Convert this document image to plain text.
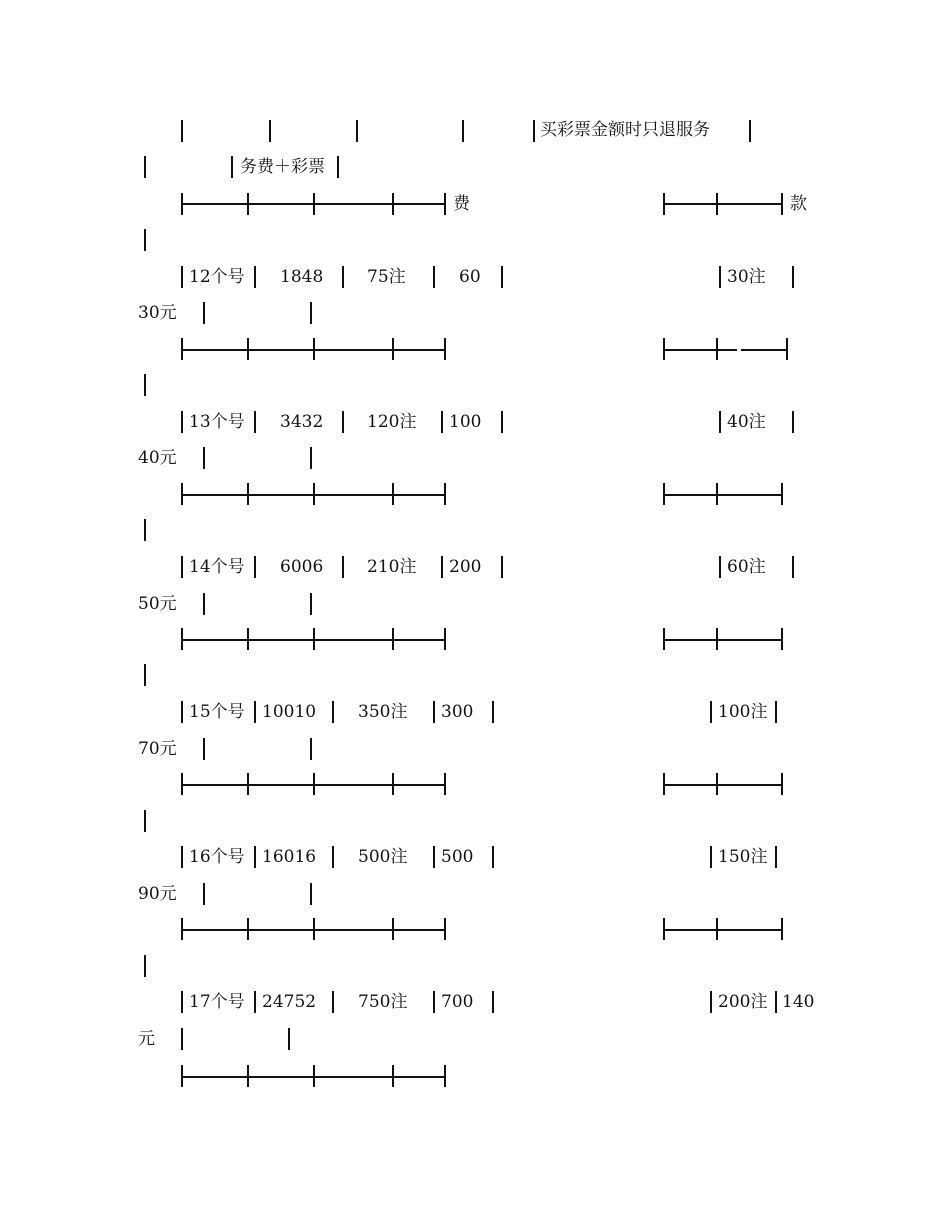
买彩票金额时只退服务
务费＋彩票
费	款
12个号 1848	75注	60	30注
30元
13个号 3432	120注 100	40注
40元
14个号 6006	210注 200	60注
50元
15个号 10010 350注 300	100注
70元
16个号 16016 500注 500	150注
90元
17个号 24752 750注 700	200注 140
元
